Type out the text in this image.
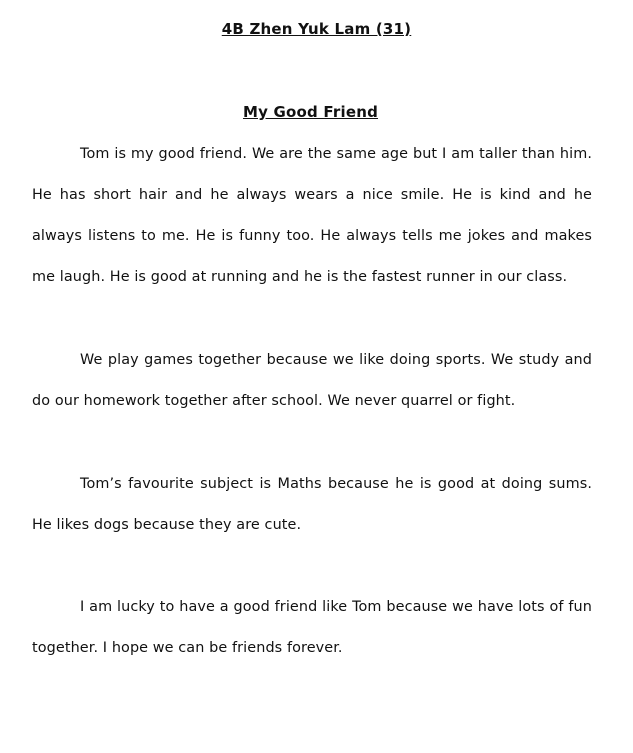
4B Zhen Yuk Lam (31)
My Good Friend

Tom is my good friend. We are the same age but I am taller than him. He has short hair and he always wears a nice smile. He is kind and he always listens to me. He is funny too. He always tells me jokes and makes me laugh. He is good at running and he is the fastest runner in our class.

We play games together because we like doing sports. We study and do our homework together after school. We never quarrel or fight.

Tom’s favourite subject is Maths because he is good at doing sums. He likes dogs because they are cute.

I am lucky to have a good friend like Tom because we have lots of fun together. I hope we can be friends forever.
